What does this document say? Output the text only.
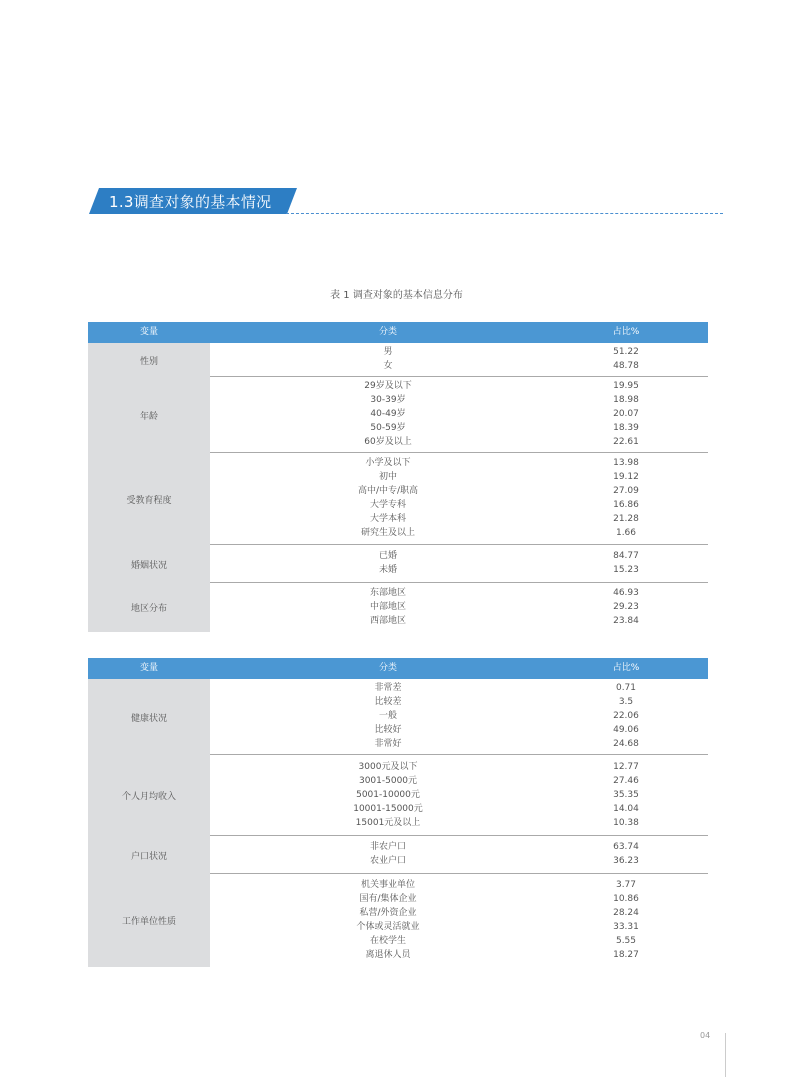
1.3调查对象的基本情况
表 1 调查对象的基本信息分布
变量	分类	占比%
性别
男	51.22
女	48.78
年龄
29岁及以下	19.95
30-39岁	18.98
40-49岁	20.07
50-59岁	18.39
60岁及以上	22.61
受教育程度
小学及以下	13.98
初中	19.12
高中/中专/职高	27.09
大学专科	16.86
大学本科	21.28
研究生及以上	1.66
婚姻状况
已婚	84.77
未婚	15.23
地区分布
东部地区	46.93
中部地区	29.23
西部地区	23.84
变量	分类	占比%
健康状况
非常差	0.71
比较差	3.5
一般	22.06
比较好	49.06
非常好	24.68
个人月均收入
3000元及以下	12.77
3001-5000元	27.46
5001-10000元	35.35
10001-15000元	14.04
15001元及以上	10.38
户口状况
非农户口	63.74
农业户口	36.23
工作单位性质
机关事业单位	3.77
国有/集体企业	10.86
私营/外资企业	28.24
个体或灵活就业	33.31
在校学生	5.55
离退休人员	18.27
04
